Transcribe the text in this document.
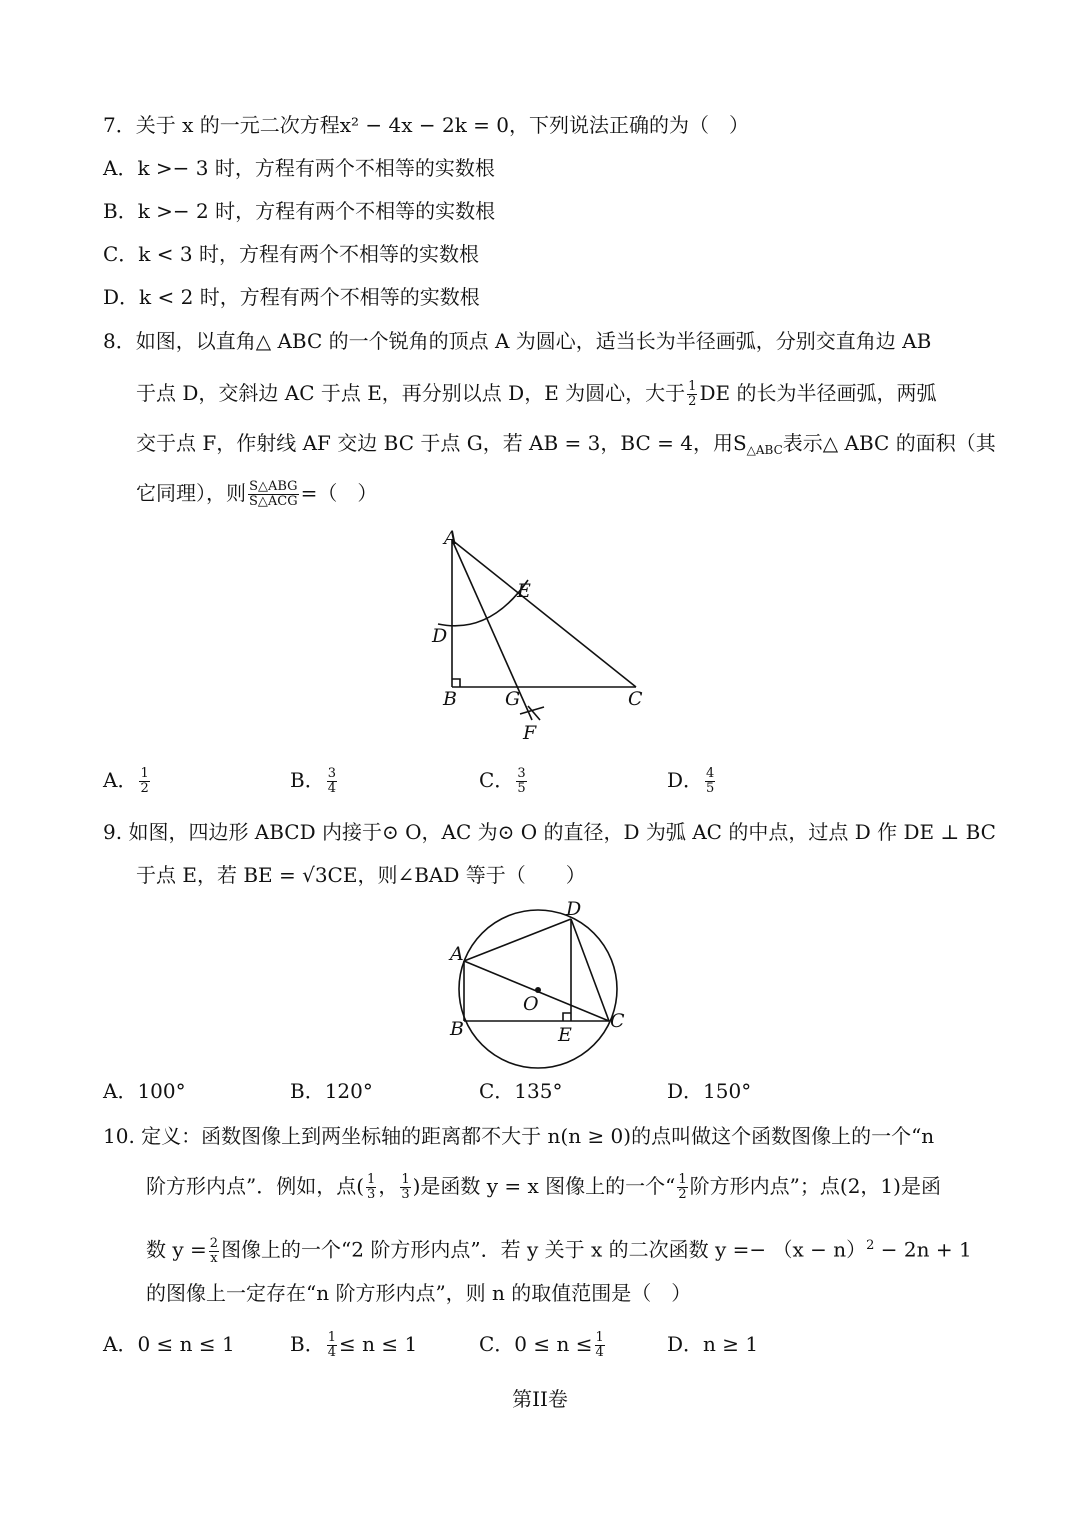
7．关于 x 的一元二次方程x² − 4x − 2k = 0，下列说法正确的为（　）
A．k >− 3 时，方程有两个不相等的实数根
B．k >− 2 时，方程有两个不相等的实数根
C．k < 3 时，方程有两个不相等的实数根
D．k < 2 时，方程有两个不相等的实数根
8．如图，以直角△ ABC 的一个锐角的顶点 A 为圆心，适当长为半径画弧，分别交直角边 AB
于点 D，交斜边 AC 于点 E，再分别以点 D，E 为圆心，大于 $\frac{1}{2}$ DE 的长为半径画弧，两弧
交于点 F，作射线 AF 交边 BC 于点 G，若 AB = 3，BC = 4，用$S_{\triangle ABC}$表示△ ABC 的面积（其
它同理），则 $\frac{\text{S△ABG}}{\text{S△ACG}}$ =（　）
A
E
D
B	G	C
F
A． $\frac{1}{2}$	B． $\frac{3}{4}$	C． $\frac{3}{5}$	D． $\frac{4}{5}$
9. 如图，四边形 ABCD 内接于⊙ O，AC 为⊙ O 的直径，D 为弧 AC 的中点，过点 D 作 DE ⊥ BC
于点 E，若 BE = √3CE，则∠BAD 等于（　　）
D
A
O
B	E
C
A．100°	B．120°	C．135°	D．150°
10. 定义：函数图像上到两坐标轴的距离都不大于 n(n ≥ 0)的点叫做这个函数图像上的一个“n
阶方形内点”．例如，点( $\frac{1}{3}$ ， $\frac{1}{3}$ )是函数 y = x 图像上的一个“ $\frac{1}{2}$ 阶方形内点”；点(2，1)是函
数 $y = \frac{2}{x}$ 图像上的一个“2 阶方形内点”．若 y 关于 x 的二次函数 $y =- (x - n)^2 - 2n + 1$
的图像上一定存在“n 阶方形内点”，则 n 的取值范围是（　）
A．0 ≤ n ≤ 1	B． $\frac{1}{4} \le n \le 1$	C．$0 \le n \le \frac{1}{4}$	D．n ≥ 1
第II卷
